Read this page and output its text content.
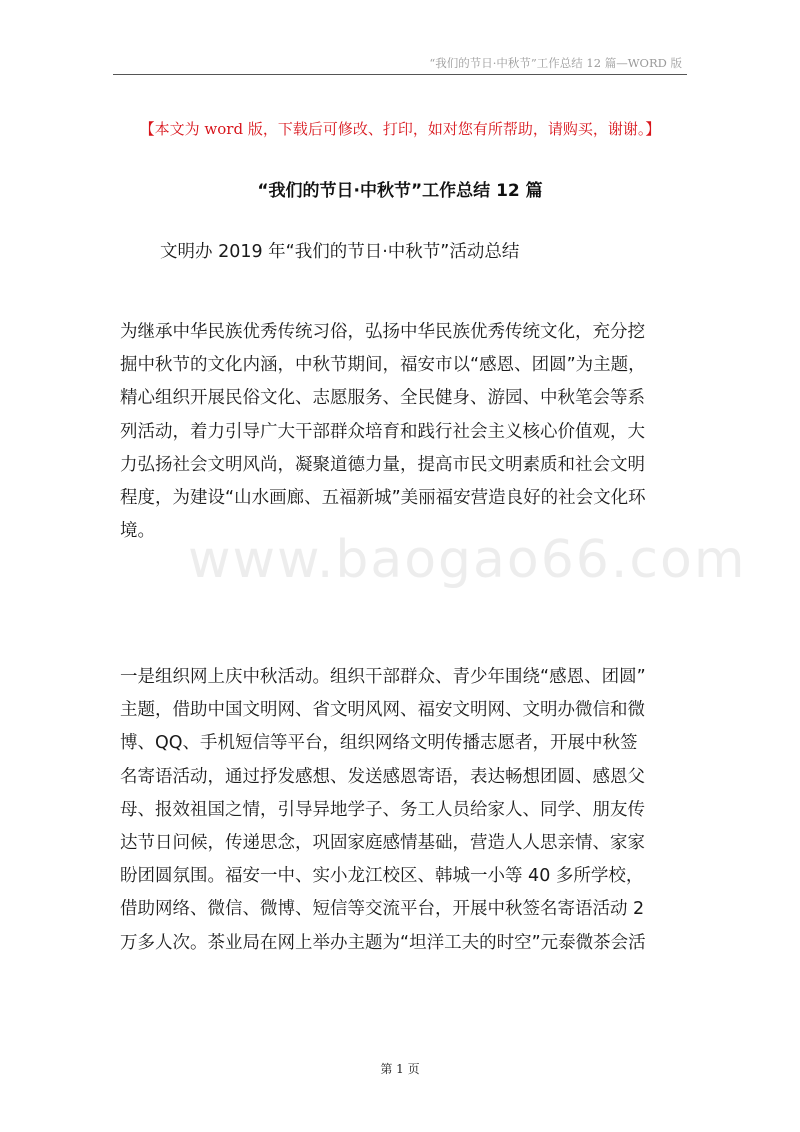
“我们的节日·中秋节”工作总结 12 篇—WORD 版
【本文为 word 版，下载后可修改、打印，如对您有所帮助，请购买，谢谢。】
“我们的节日·中秋节”工作总结 12 篇
文明办 2019 年“我们的节日·中秋节”活动总结
www.baogao66.com
为继承中华民族优秀传统习俗，弘扬中华民族优秀传统文化，充分挖
掘中秋节的文化内涵，中秋节期间，福安市以“感恩、团圆”为主题，
精心组织开展民俗文化、志愿服务、全民健身、游园、中秋笔会等系
列活动，着力引导广大干部群众培育和践行社会主义核心价值观，大
力弘扬社会文明风尚，凝聚道德力量，提高市民文明素质和社会文明
程度，为建设“山水画廊、五福新城”美丽福安营造良好的社会文化环
境。
一是组织网上庆中秋活动。组织干部群众、青少年围绕“感恩、团圆”
主题，借助中国文明网、省文明风网、福安文明网、文明办微信和微
博、QQ、手机短信等平台，组织网络文明传播志愿者，开展中秋签
名寄语活动，通过抒发感想、发送感恩寄语，表达畅想团圆、感恩父
母、报效祖国之情，引导异地学子、务工人员给家人、同学、朋友传
达节日问候，传递思念，巩固家庭感情基础，营造人人思亲情、家家
盼团圆氛围。福安一中、实小龙江校区、韩城一小等 40 多所学校，
借助网络、微信、微博、短信等交流平台，开展中秋签名寄语活动 2
万多人次。茶业局在网上举办主题为“坦洋工夫的时空”元泰微茶会活
第 1 页
